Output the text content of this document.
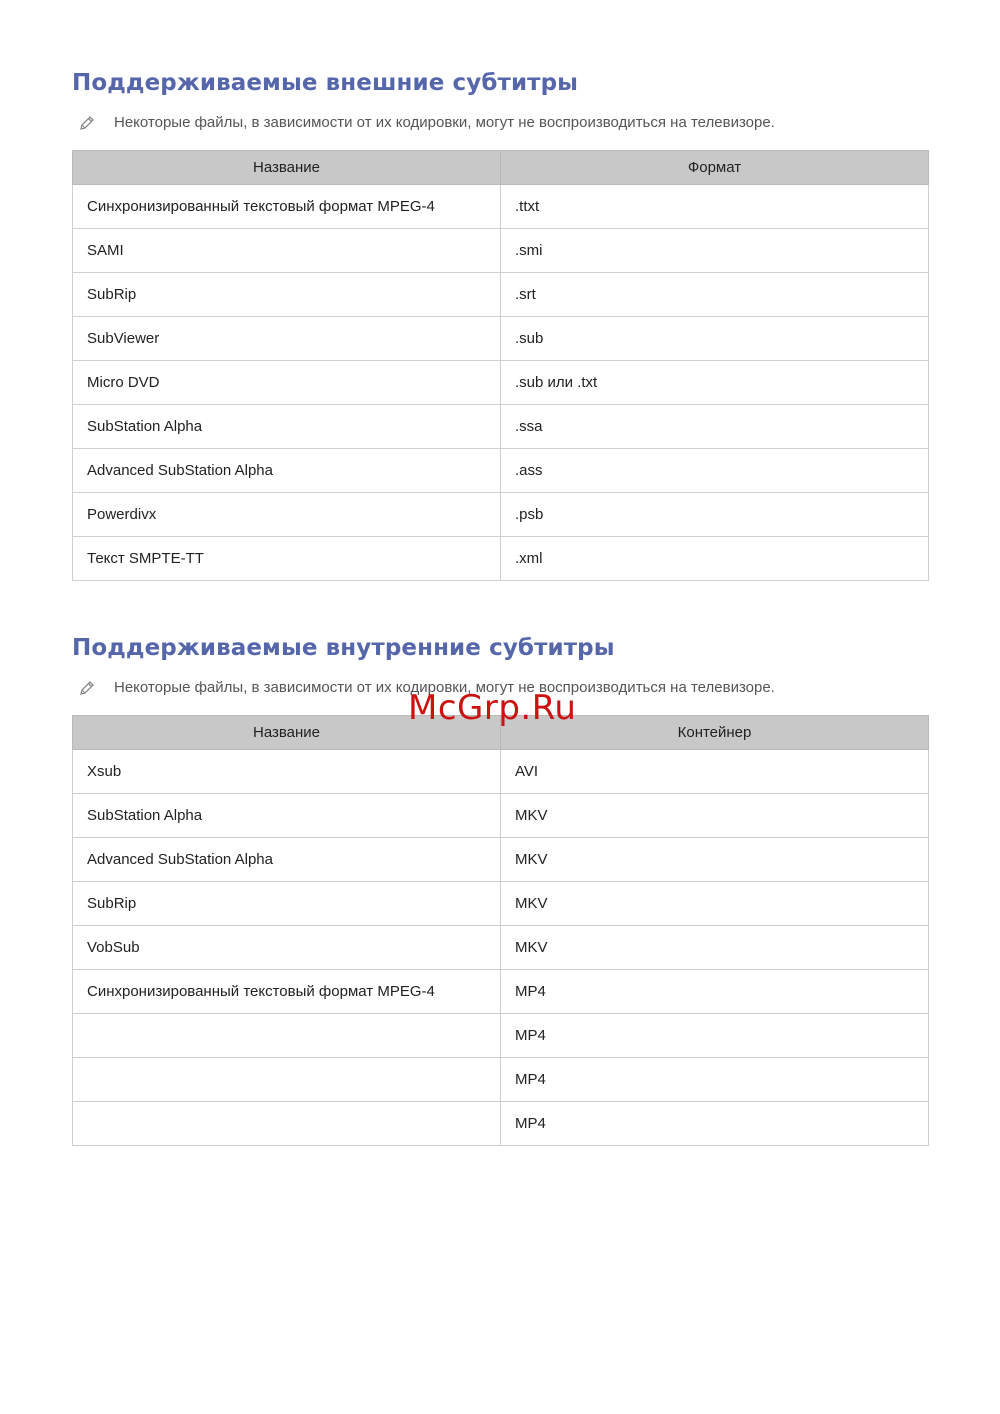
Поддерживаемые внешние субтитры
Некоторые файлы, в зависимости от их кодировки, могут не воспроизводиться на телевизоре.
Название	Формат
Синхронизированный текстовый формат MPEG-4	.ttxt
SAMI	.smi
SubRip	.srt
SubViewer	.sub
Micro DVD	.sub или .txt
SubStation Alpha	.ssa
Advanced SubStation Alpha	.ass
Powerdivx	.psb
Текст SMPTE-TT	.xml
Поддерживаемые внутренние субтитры
Некоторые файлы, в зависимости от их кодировки, могут не воспроизводиться на телевизоре.
Название	Контейнер
Xsub	AVI
SubStation Alpha	MKV
Advanced SubStation Alpha	MKV
SubRip	MKV
VobSub	MKV
Синхронизированный текстовый формат MPEG-4	MP4
	MP4
	MP4
	MP4
McGrp.Ru
